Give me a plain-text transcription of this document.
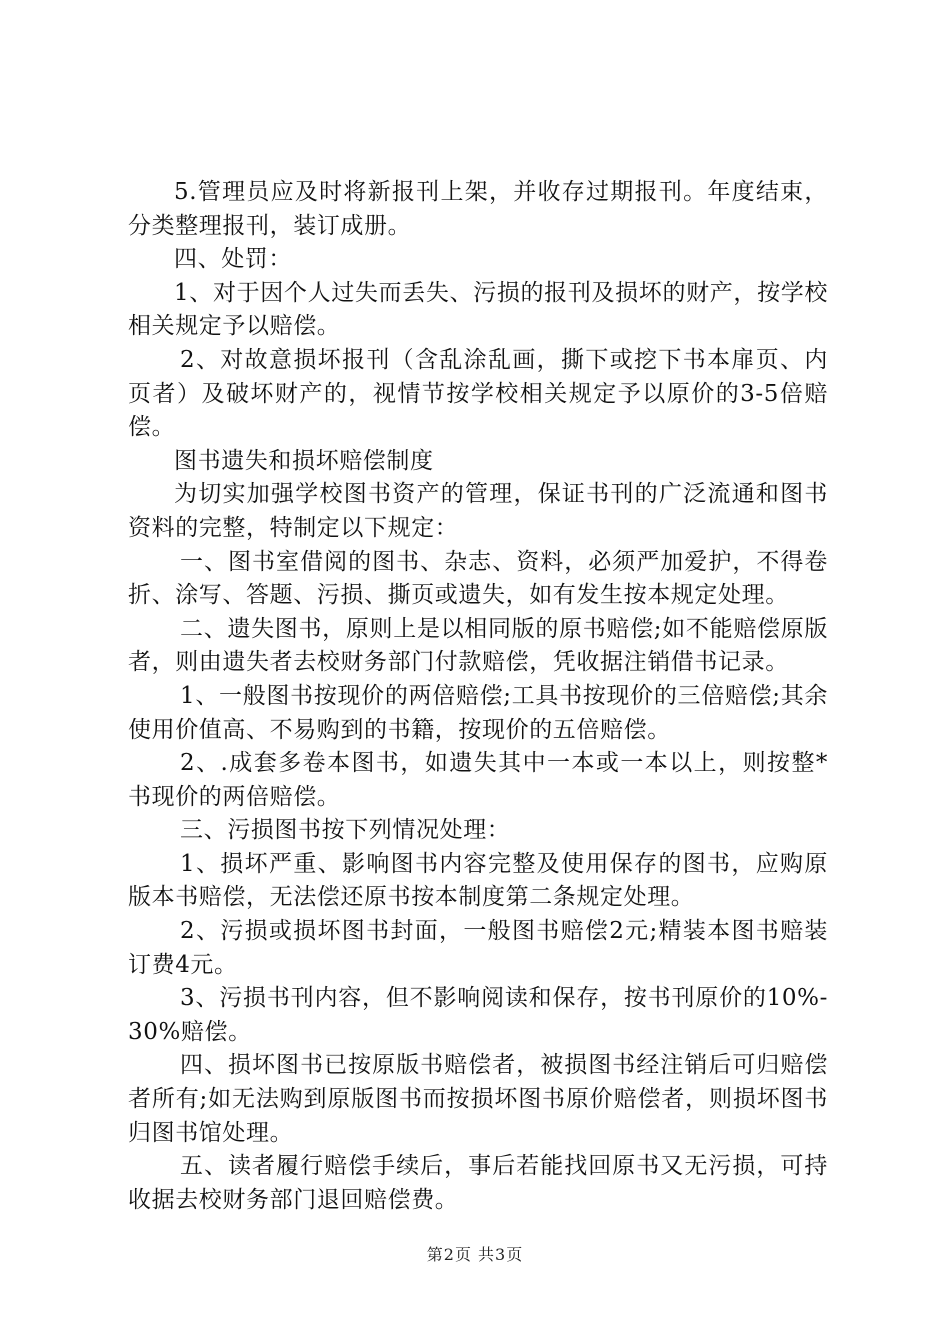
5.管理员应及时将新报刊上架，并收存过期报刊。年度结束，分类整理报刊，装订成册。

四、处罚：

1、对于因个人过失而丢失、污损的报刊及损坏的财产，按学校相关规定予以赔偿。

2、对故意损坏报刊（含乱涂乱画，撕下或挖下书本扉页、内页者）及破坏财产的，视情节按学校相关规定予以原价的3-5倍赔偿。

图书遗失和损坏赔偿制度

为切实加强学校图书资产的管理，保证书刊的广泛流通和图书资料的完整，特制定以下规定：

一、图书室借阅的图书、杂志、资料，必须严加爱护，不得卷折、涂写、答题、污损、撕页或遗失，如有发生按本规定处理。

二、遗失图书，原则上是以相同版的原书赔偿;如不能赔偿原版者，则由遗失者去校财务部门付款赔偿，凭收据注销借书记录。

1、一般图书按现价的两倍赔偿;工具书按现价的三倍赔偿;其余使用价值高、不易购到的书籍，按现价的五倍赔偿。

2、.成套多卷本图书，如遗失其中一本或一本以上，则按整*书现价的两倍赔偿。

三、污损图书按下列情况处理：

1、损坏严重、影响图书内容完整及使用保存的图书，应购原版本书赔偿，无法偿还原书按本制度第二条规定处理。

2、污损或损坏图书封面，一般图书赔偿2元;精装本图书赔装订费4元。

3、污损书刊内容，但不影响阅读和保存，按书刊原价的10%-30%赔偿。

四、损坏图书已按原版书赔偿者，被损图书经注销后可归赔偿者所有;如无法购到原版图书而按损坏图书原价赔偿者，则损坏图书归图书馆处理。

五、读者履行赔偿手续后，事后若能找回原书又无污损，可持收据去校财务部门退回赔偿费。

第2页 共3页
